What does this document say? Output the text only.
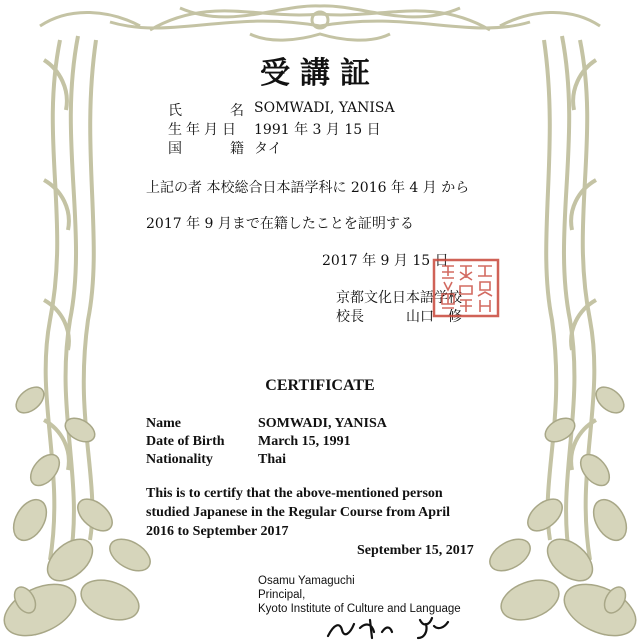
受講証
氏　名
SOMWADI, YANISA
生年月日 1991 年 3 月 15 日
国　籍
タイ
上記の者 本校総合日本語学科に 2016 年 4 月 から
2017 年 9 月まで在籍したことを証明する
2017 年 9 月 15 日
京都文化日本語学校
校長　　　山口　修
CERTIFICATE
Name	SOMWADI, YANISA
Date of Birth March 15, 1991
Nationality	Thai
This is to certify that the above-mentioned person
studied Japanese in the Regular Course from April
2016 to September 2017
September 15, 2017
Osamu Yamaguchi
Principal,
Kyoto Institute of Culture and Language
